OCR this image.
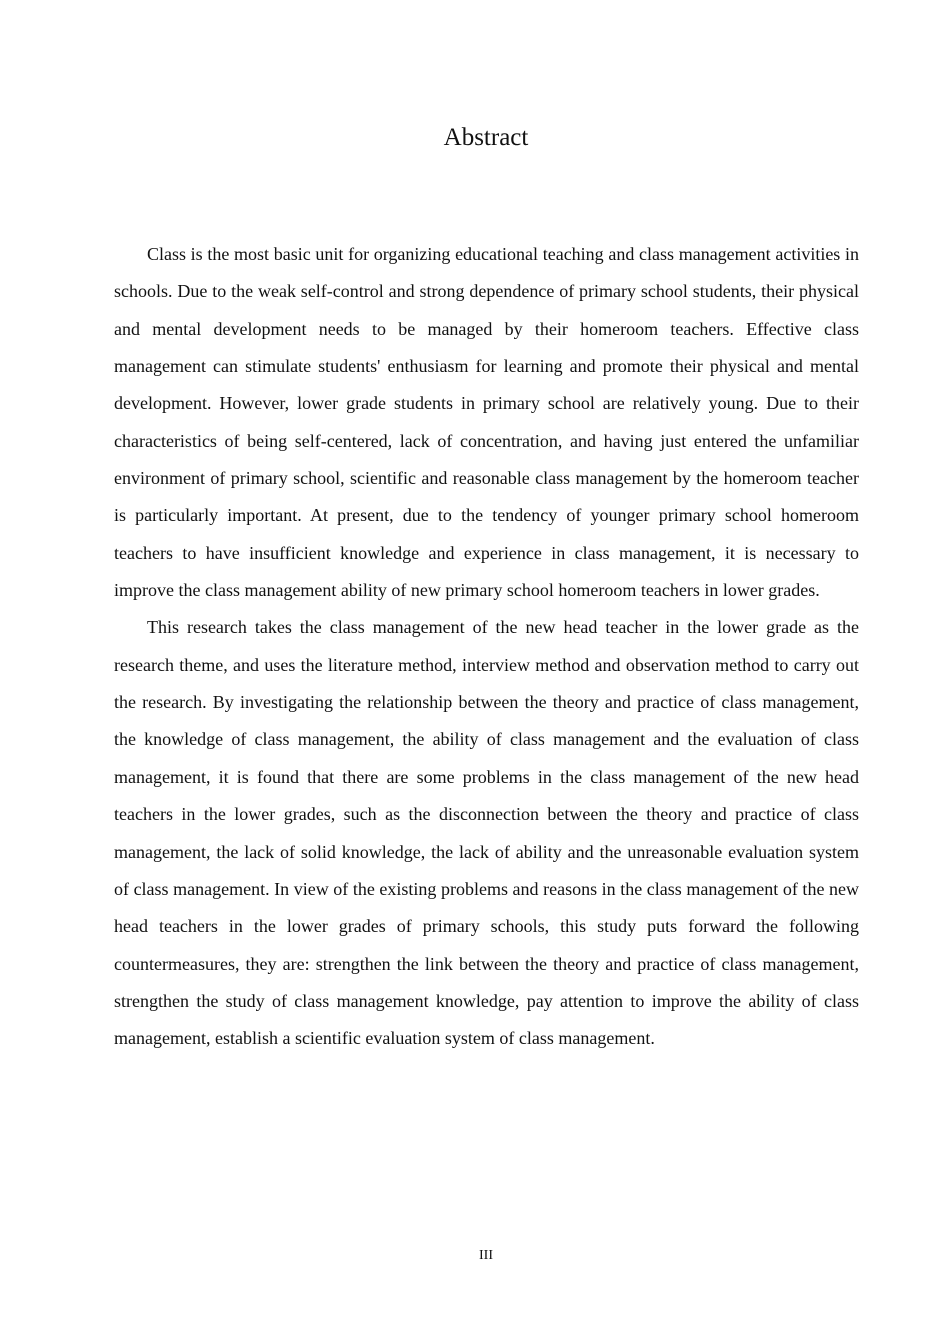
Abstract

Class is the most basic unit for organizing educational teaching and class management activities in schools. Due to the weak self-control and strong dependence of primary school students, their physical and mental development needs to be managed by their homeroom teachers. Effective class management can stimulate students' enthusiasm for learning and promote their physical and mental development. However, lower grade students in primary school are relatively young. Due to their characteristics of being self-centered, lack of concentration, and having just entered the unfamiliar environment of primary school, scientific and reasonable class management by the homeroom teacher is particularly important. At present, due to the tendency of younger primary school homeroom teachers to have insufficient knowledge and experience in class management, it is necessary to improve the class management ability of new primary school homeroom teachers in lower grades.

This research takes the class management of the new head teacher in the lower grade as the research theme, and uses the literature method, interview method and observation method to carry out the research. By investigating the relationship between the theory and practice of class management, the knowledge of class management, the ability of class management and the evaluation of class management, it is found that there are some problems in the class management of the new head teachers in the lower grades, such as the disconnection between the theory and practice of class management, the lack of solid knowledge, the lack of ability and the unreasonable evaluation system of class management. In view of the existing problems and reasons in the class management of the new head teachers in the lower grades of primary schools, this study puts forward the following countermeasures, they are: strengthen the link between the theory and practice of class management, strengthen the study of class management knowledge, pay attention to improve the ability of class management, establish a scientific evaluation system of class management.

III
